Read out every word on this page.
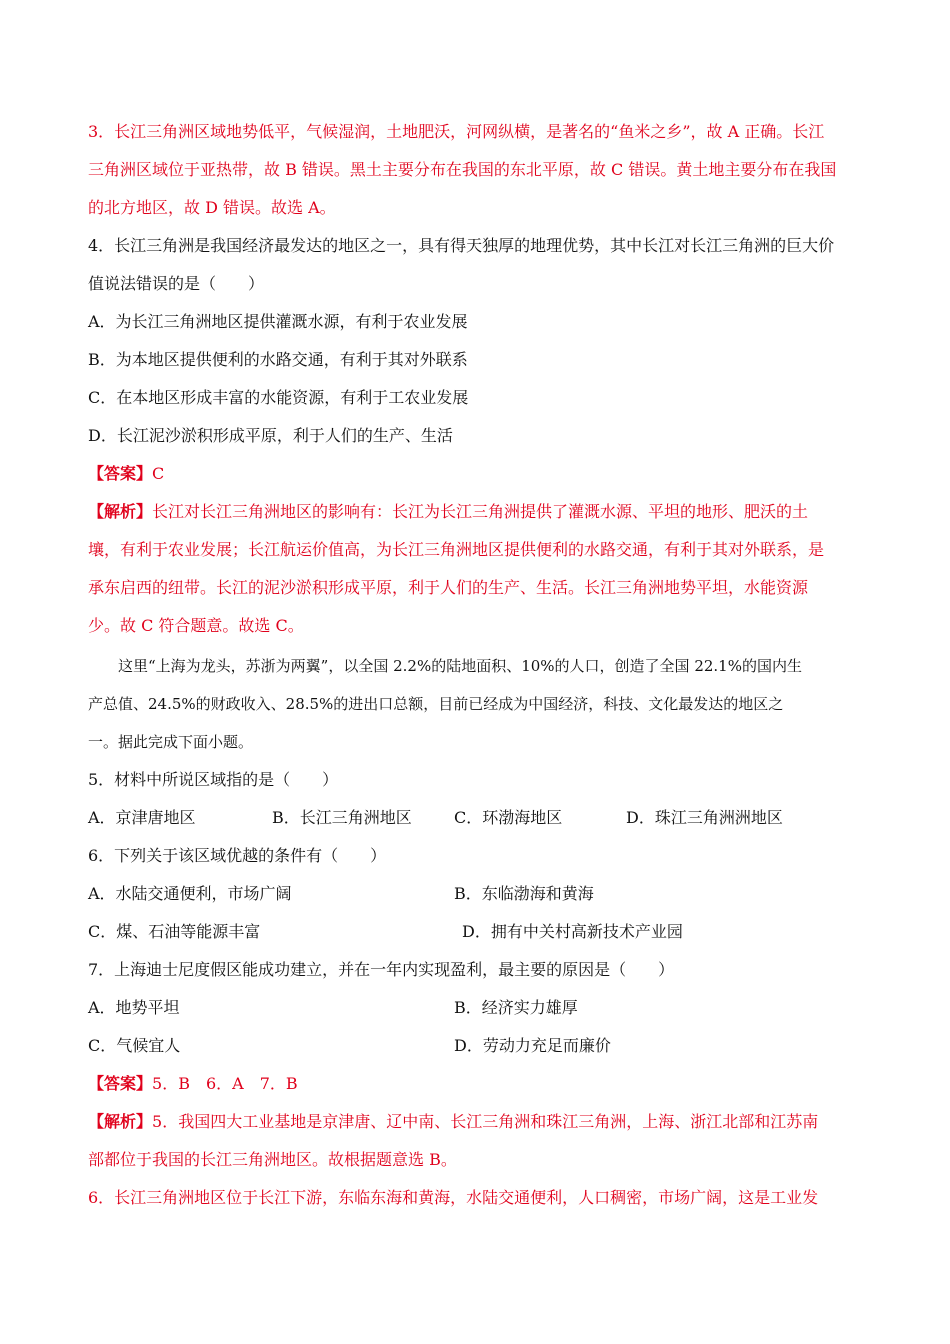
3．长江三角洲区域地势低平，气候湿润，土地肥沃，河网纵横，是著名的“鱼米之乡”，故 A 正确。长江
三角洲区域位于亚热带，故 B 错误。黑土主要分布在我国的东北平原，故 C 错误。黄土地主要分布在我国
的北方地区，故 D 错误。故选 A。
4．长江三角洲是我国经济最发达的地区之一，具有得天独厚的地理优势，其中长江对长江三角洲的巨大价
值说法错误的是（　　）
A．为长江三角洲地区提供灌溉水源，有利于农业发展
B．为本地区提供便利的水路交通，有利于其对外联系
C．在本地区形成丰富的水能资源，有利于工农业发展
D．长江泥沙淤积形成平原，利于人们的生产、生活
【答案】C
【解析】长江对长江三角洲地区的影响有：长江为长江三角洲提供了灌溉水源、平坦的地形、肥沃的土
壤，有利于农业发展；长江航运价值高，为长江三角洲地区提供便利的水路交通，有利于其对外联系，是
承东启西的纽带。长江的泥沙淤积形成平原，利于人们的生产、生活。长江三角洲地势平坦，水能资源
少。故 C 符合题意。故选 C。
这里“上海为龙头，苏浙为两翼”，以全国 2.2%的陆地面积、10%的人口，创造了全国 22.1%的国内生
产总值、24.5%的财政收入、28.5%的进出口总额，目前已经成为中国经济，科技、文化最发达的地区之
一。据此完成下面小题。
5．材料中所说区域指的是（　　）
A．京津唐地区	B．长江三角洲地区	C．环渤海地区	D．珠江三角洲洲地区
6．下列关于该区域优越的条件有（　　）
A．水陆交通便利，市场广阔	B．东临渤海和黄海
C．煤、石油等能源丰富	D．拥有中关村高新技术产业园
7．上海迪士尼度假区能成功建立，并在一年内实现盈利，最主要的原因是（　　）
A．地势平坦	B．经济实力雄厚
C．气候宜人	D．劳动力充足而廉价
【答案】5．B　6．A　7．B
【解析】5．我国四大工业基地是京津唐、辽中南、长江三角洲和珠江三角洲，上海、浙江北部和江苏南
部都位于我国的长江三角洲地区。故根据题意选 B。
6．长江三角洲地区位于长江下游，东临东海和黄海，水陆交通便利，人口稠密，市场广阔，这是工业发
